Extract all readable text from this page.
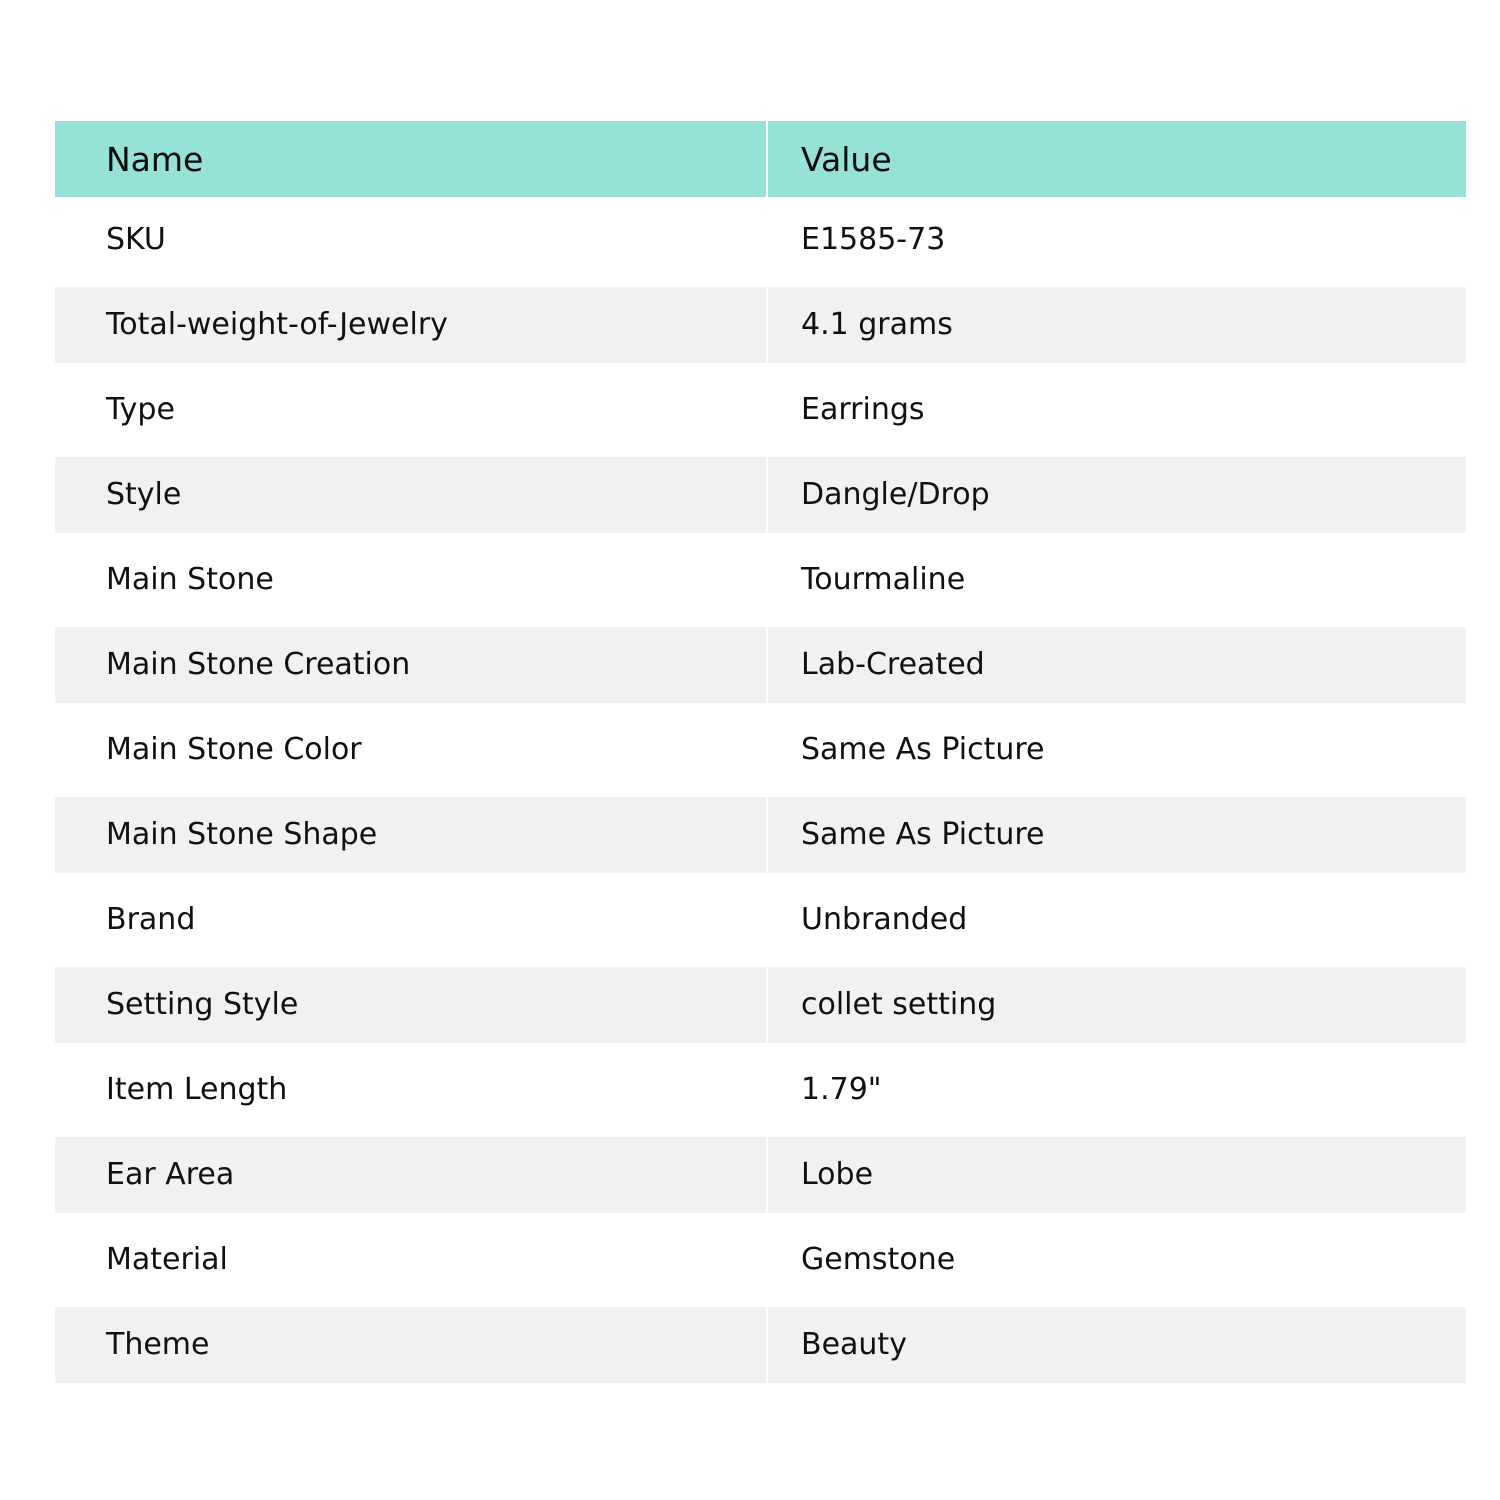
Name	Value
SKU	E1585-73
Total-weight-of-Jewelry	4.1 grams
Type	Earrings
Style	Dangle/Drop
Main Stone	Tourmaline
Main Stone Creation	Lab-Created
Main Stone Color	Same As Picture
Main Stone Shape	Same As Picture
Brand	Unbranded
Setting Style	collet setting
Item Length	1.79"
Ear Area	Lobe
Material	Gemstone
Theme	Beauty
